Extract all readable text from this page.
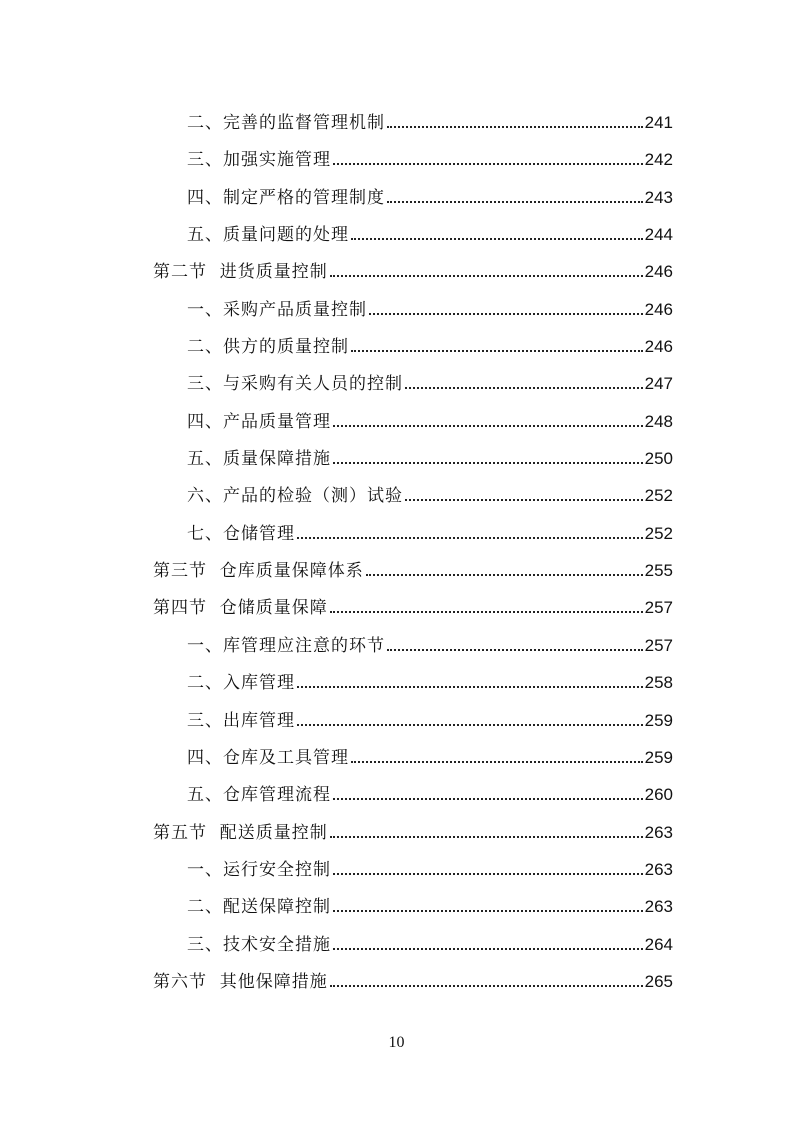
二、完善的监督管理机制	241
三、加强实施管理	242
四、制定严格的管理制度	243
五、质量问题的处理	244
第二节  进货质量控制	246
一、采购产品质量控制	246
二、供方的质量控制	246
三、与采购有关人员的控制	247
四、产品质量管理	248
五、质量保障措施	250
六、产品的检验（测）试验	252
七、仓储管理	252
第三节  仓库质量保障体系	255
第四节  仓储质量保障	257
一、库管理应注意的环节	257
二、入库管理	258
三、出库管理	259
四、仓库及工具管理	259
五、仓库管理流程	260
第五节  配送质量控制	263
一、运行安全控制	263
二、配送保障控制	263
三、技术安全措施	264
第六节  其他保障措施	265
10
